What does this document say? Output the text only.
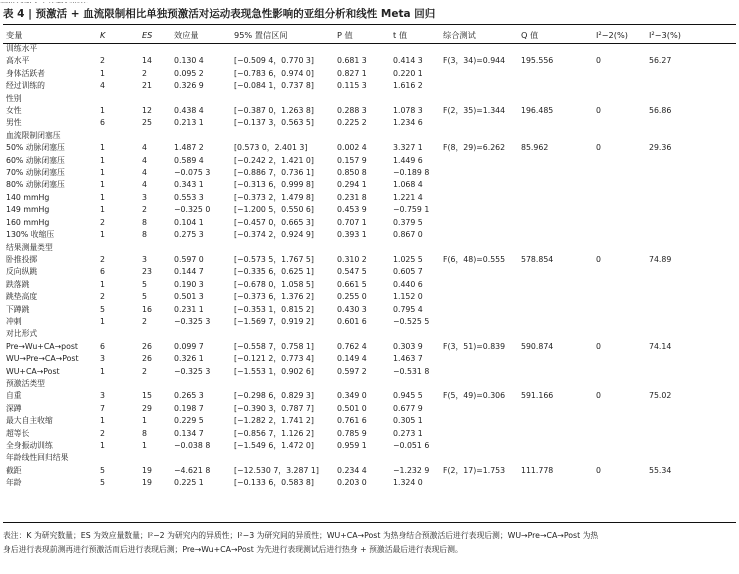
表 4 | 预激活 + 血流限制相比单独预激活对运动表现急性影响的亚组分析和线性 Meta 回归
变量	K	ES	效应量	95% 置信区间	P 值	t 值	综合测试	Q 值	I²−2(%)	I²−3(%)
训练水平										
高水平	2	14	0.130 4	[−0.509 4，0.770 3]	0.681 3	0.414 3	F(3，34)=0.944	195.556	0	56.27
身体活跃者	1	2	0.095 2	[−0.783 6，0.974 0]	0.827 1	0.220 1				
经过训练的	4	21	0.326 9	[−0.084 1，0.737 8]	0.115 3	1.616 2				
性别										
女性	1	12	0.438 4	[−0.387 0，1.263 8]	0.288 3	1.078 3	F(2，35)=1.344	196.485	0	56.86
男性	6	25	0.213 1	[−0.137 3，0.563 5]	0.225 2	1.234 6				
血流限制闭塞压										
50% 动脉闭塞压	1	4	1.487 2	[0.573 0，2.401 3]	0.002 4	3.327 1	F(8，29)=6.262	85.962	0	29.36
60% 动脉闭塞压	1	4	0.589 4	[−0.242 2，1.421 0]	0.157 9	1.449 6				
70% 动脉闭塞压	1	4	−0.075 3	[−0.886 7，0.736 1]	0.850 8	−0.189 8				
80% 动脉闭塞压	1	4	0.343 1	[−0.313 6，0.999 8]	0.294 1	1.068 4				
140 mmHg	1	3	0.553 3	[−0.373 2，1.479 8]	0.231 8	1.221 4				
149 mmHg	1	2	−0.325 0	[−1.200 5，0.550 6]	0.453 9	−0.759 1				
160 mmHg	2	8	0.104 1	[−0.457 0，0.665 3]	0.707 1	0.379 5				
130% 收缩压	1	8	0.275 3	[−0.374 2，0.924 9]	0.393 1	0.867 0				
结果测量类型										
卧推投掷	2	3	0.597 0	[−0.573 5，1.767 5]	0.310 2	1.025 5	F(6，48)=0.555	578.854	0	74.89
反向纵跳	6	23	0.144 7	[−0.335 6，0.625 1]	0.547 5	0.605 7				
跌落跳	1	5	0.190 3	[−0.678 0，1.058 5]	0.661 5	0.440 6				
跳垫高度	2	5	0.501 3	[−0.373 6，1.376 2]	0.255 0	1.152 0				
下蹲跳	5	16	0.231 1	[−0.353 1，0.815 2]	0.430 3	0.795 4				
冲刺	1	2	−0.325 3	[−1.569 7，0.919 2]	0.601 6	−0.525 5				
对比形式										
Pre→Wu+CA→post	6	26	0.099 7	[−0.558 7，0.758 1]	0.762 4	0.303 9	F(3，51)=0.839	590.874	0	74.14
WU→Pre→CA→Post	3	26	0.326 1	[−0.121 2，0.773 4]	0.149 4	1.463 7				
WU+CA→Post	1	2	−0.325 3	[−1.553 1，0.902 6]	0.597 2	−0.531 8				
预激活类型										
自重	3	15	0.265 3	[−0.298 6，0.829 3]	0.349 0	0.945 5	F(5，49)=0.306	591.166	0	75.02
深蹲	7	29	0.198 7	[−0.390 3，0.787 7]	0.501 0	0.677 9				
最大自主收缩	1	1	0.229 5	[−1.282 2，1.741 2]	0.761 6	0.305 1				
超等长	2	8	0.134 7	[−0.856 7，1.126 2]	0.785 9	0.273 1				
全身振动训练	1	1	−0.038 8	[−1.549 6，1.472 0]	0.959 1	−0.051 6				
年龄线性回归结果										
截距	5	19	−4.621 8	[−12.530 7，3.287 1]	0.234 4	−1.232 9	F(2，17)=1.753	111.778	0	55.34
年龄	5	19	0.225 1	[−0.133 6，0.583 8]	0.203 0	1.324 0				
表注：K 为研究数量；ES 为效应量数量；I²−2 为研究内的异质性；I²−3 为研究间的异质性；WU+CA→Post 为热身结合预激活后进行表现后测；WU→Pre→CA→Post 为热
身后进行表现前测再进行预激活而后进行表现后测；Pre→Wu+CA→Post 为先进行表现测试后进行热身 + 预激活最后进行表现后测。
